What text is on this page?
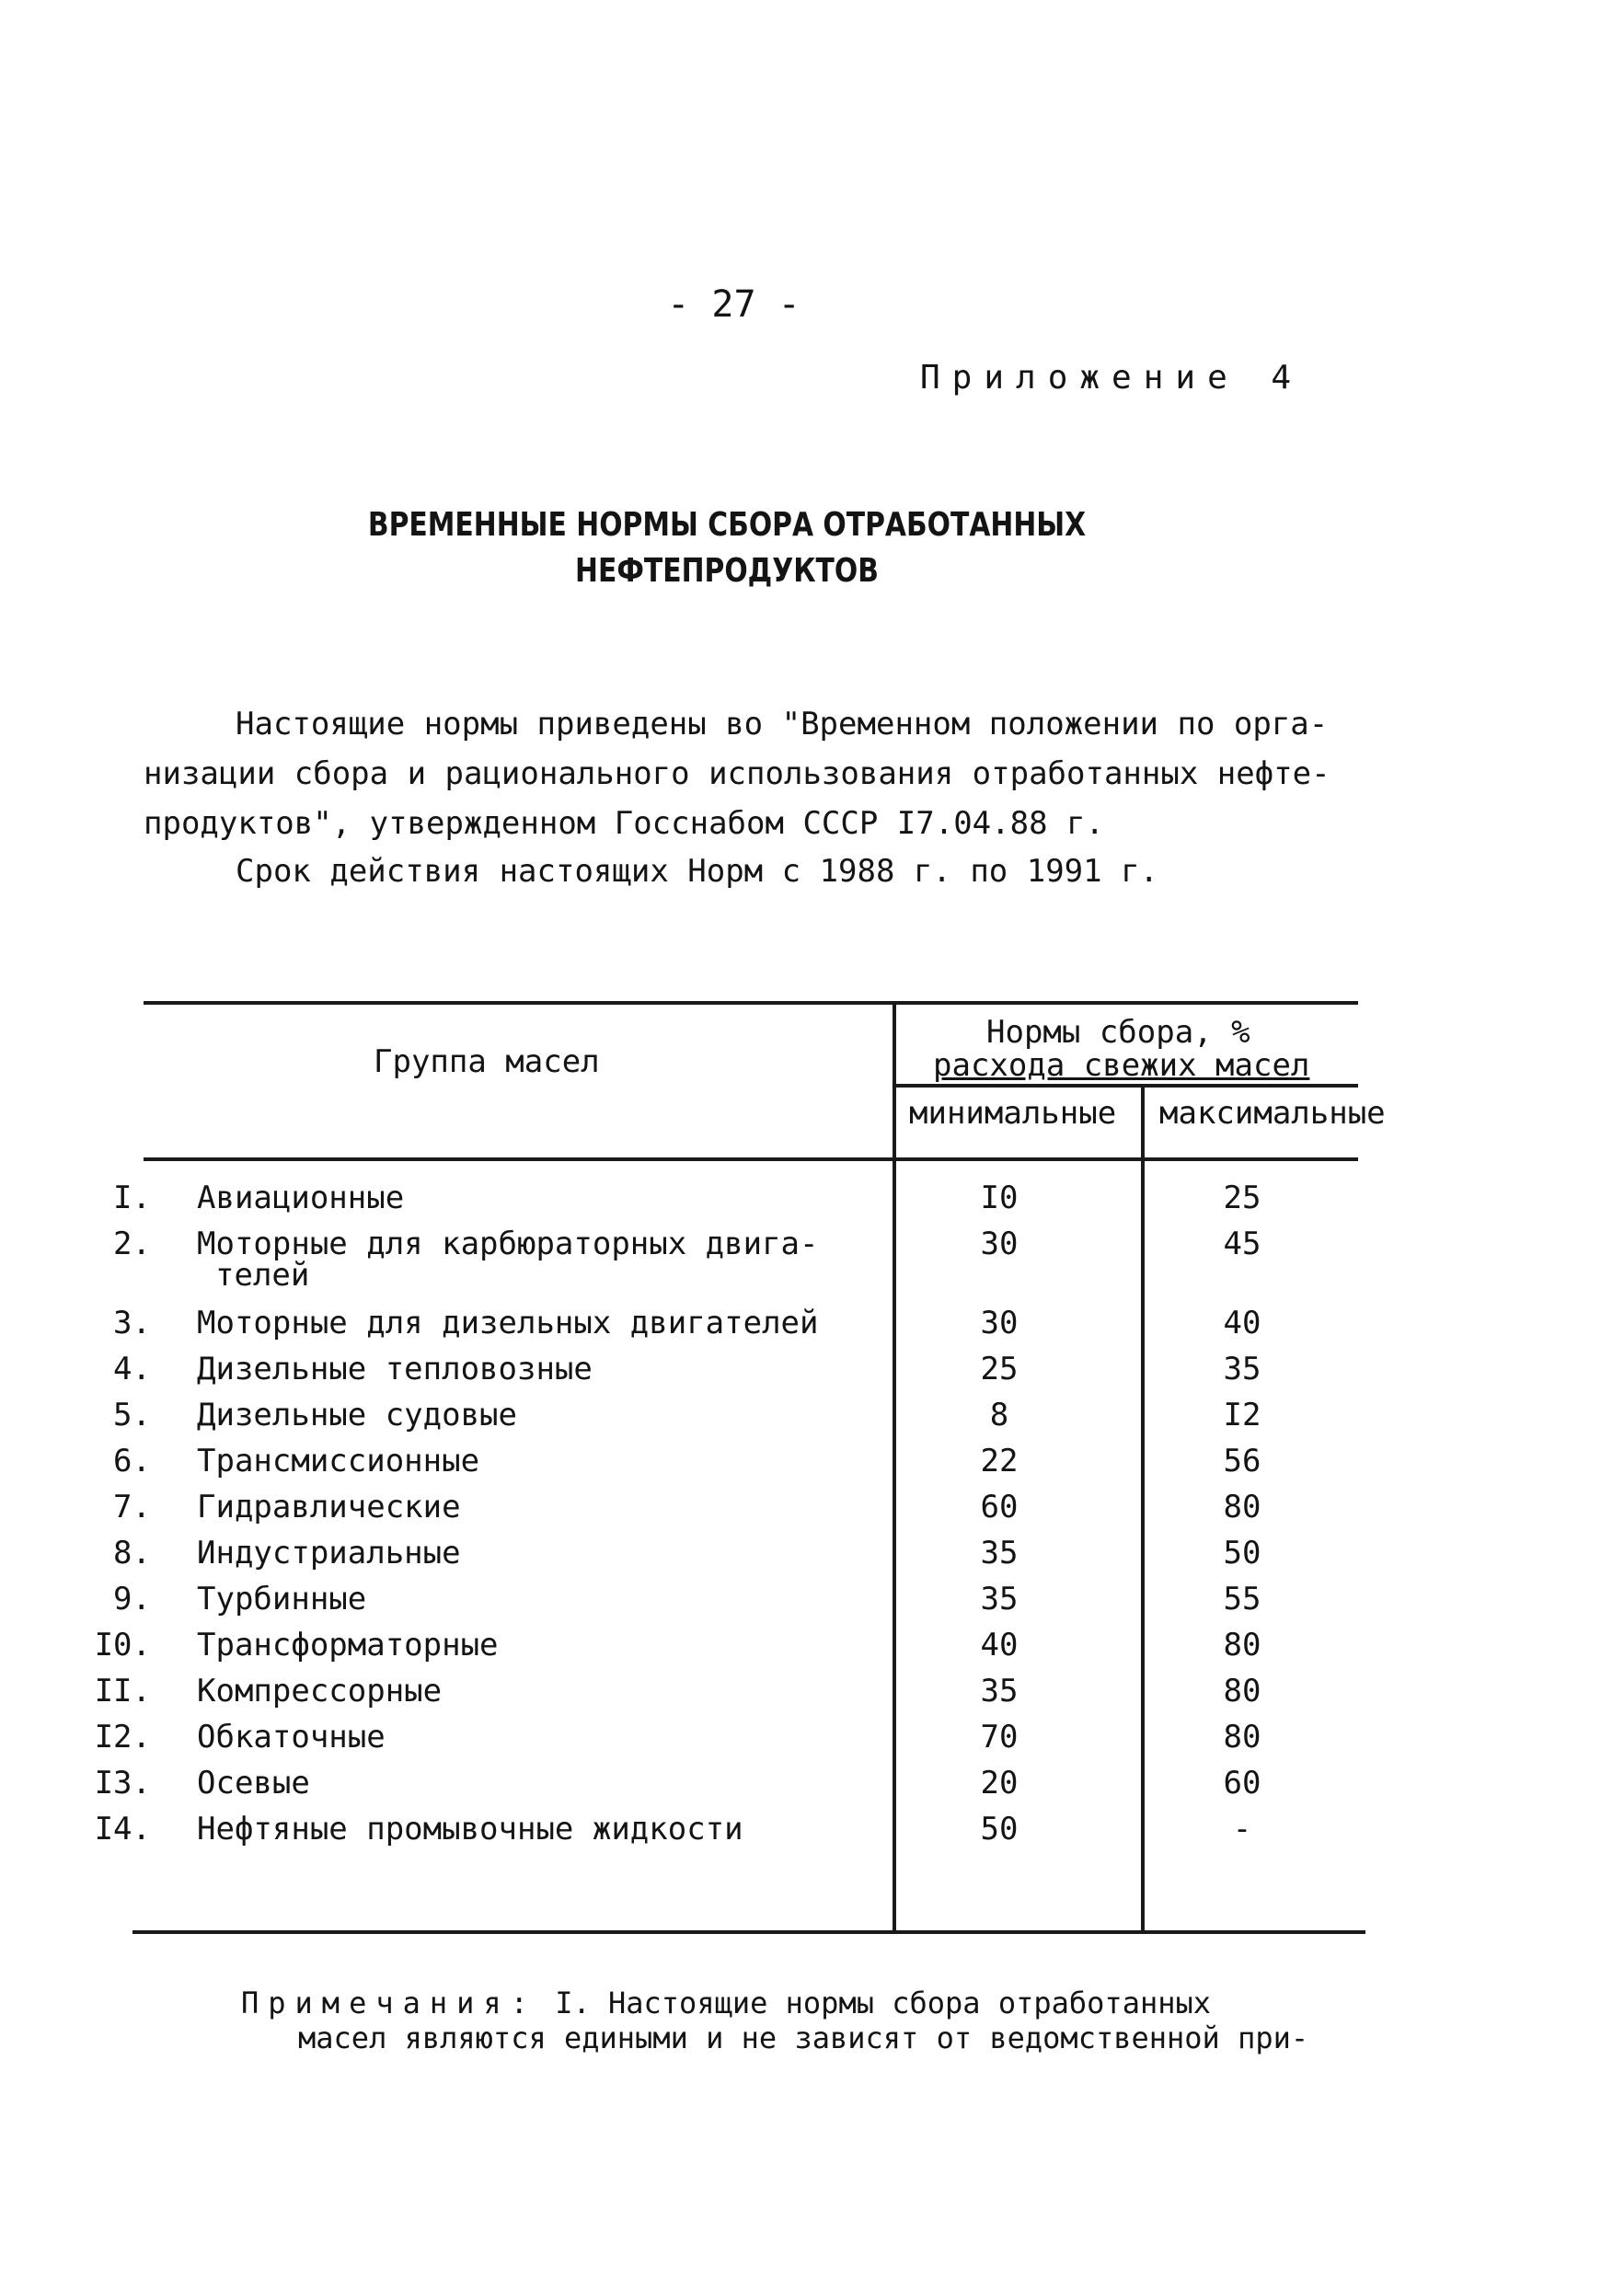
- 27 -
Приложение 4
ВРЕМЕННЫЕ НОРМЫ СБОРА ОТРАБОТАННЫХ
НЕФТЕПРОДУКТОВ
Настоящие нормы приведены во "Временном положении по орга-
низации сбора и рационального использования отработанных нефте-
продуктов", утвержденном Госснабом СССР I7.04.88 г.
Срок действия настоящих Норм с 1988 г. по 1991 г.
Группа масел
Нормы сбора, %
расхода свежих масел
минимальные максимальные
I. Авиационные	I0	25
2. Моторные для карбюраторных двига-
телей
30	45
3. Моторные для дизельных двигателей	30	40
4. Дизельные тепловозные	25	35
5. Дизельные судовые	8	I2
6. Трансмиссионные	22	56
7. Гидравлические	60	80
8. Индустриальные	35	50
9. Турбинные	35	55
I0. Трансформаторные	40	80
II. Компрессорные	35	80
I2. Обкаточные	70	80
I3. Осевые	20	60
I4. Нефтяные промывочные жидкости	50	-
Примечания: I. Настоящие нормы сбора отработанных
масел являются едиными и не зависят от ведомственной при-
